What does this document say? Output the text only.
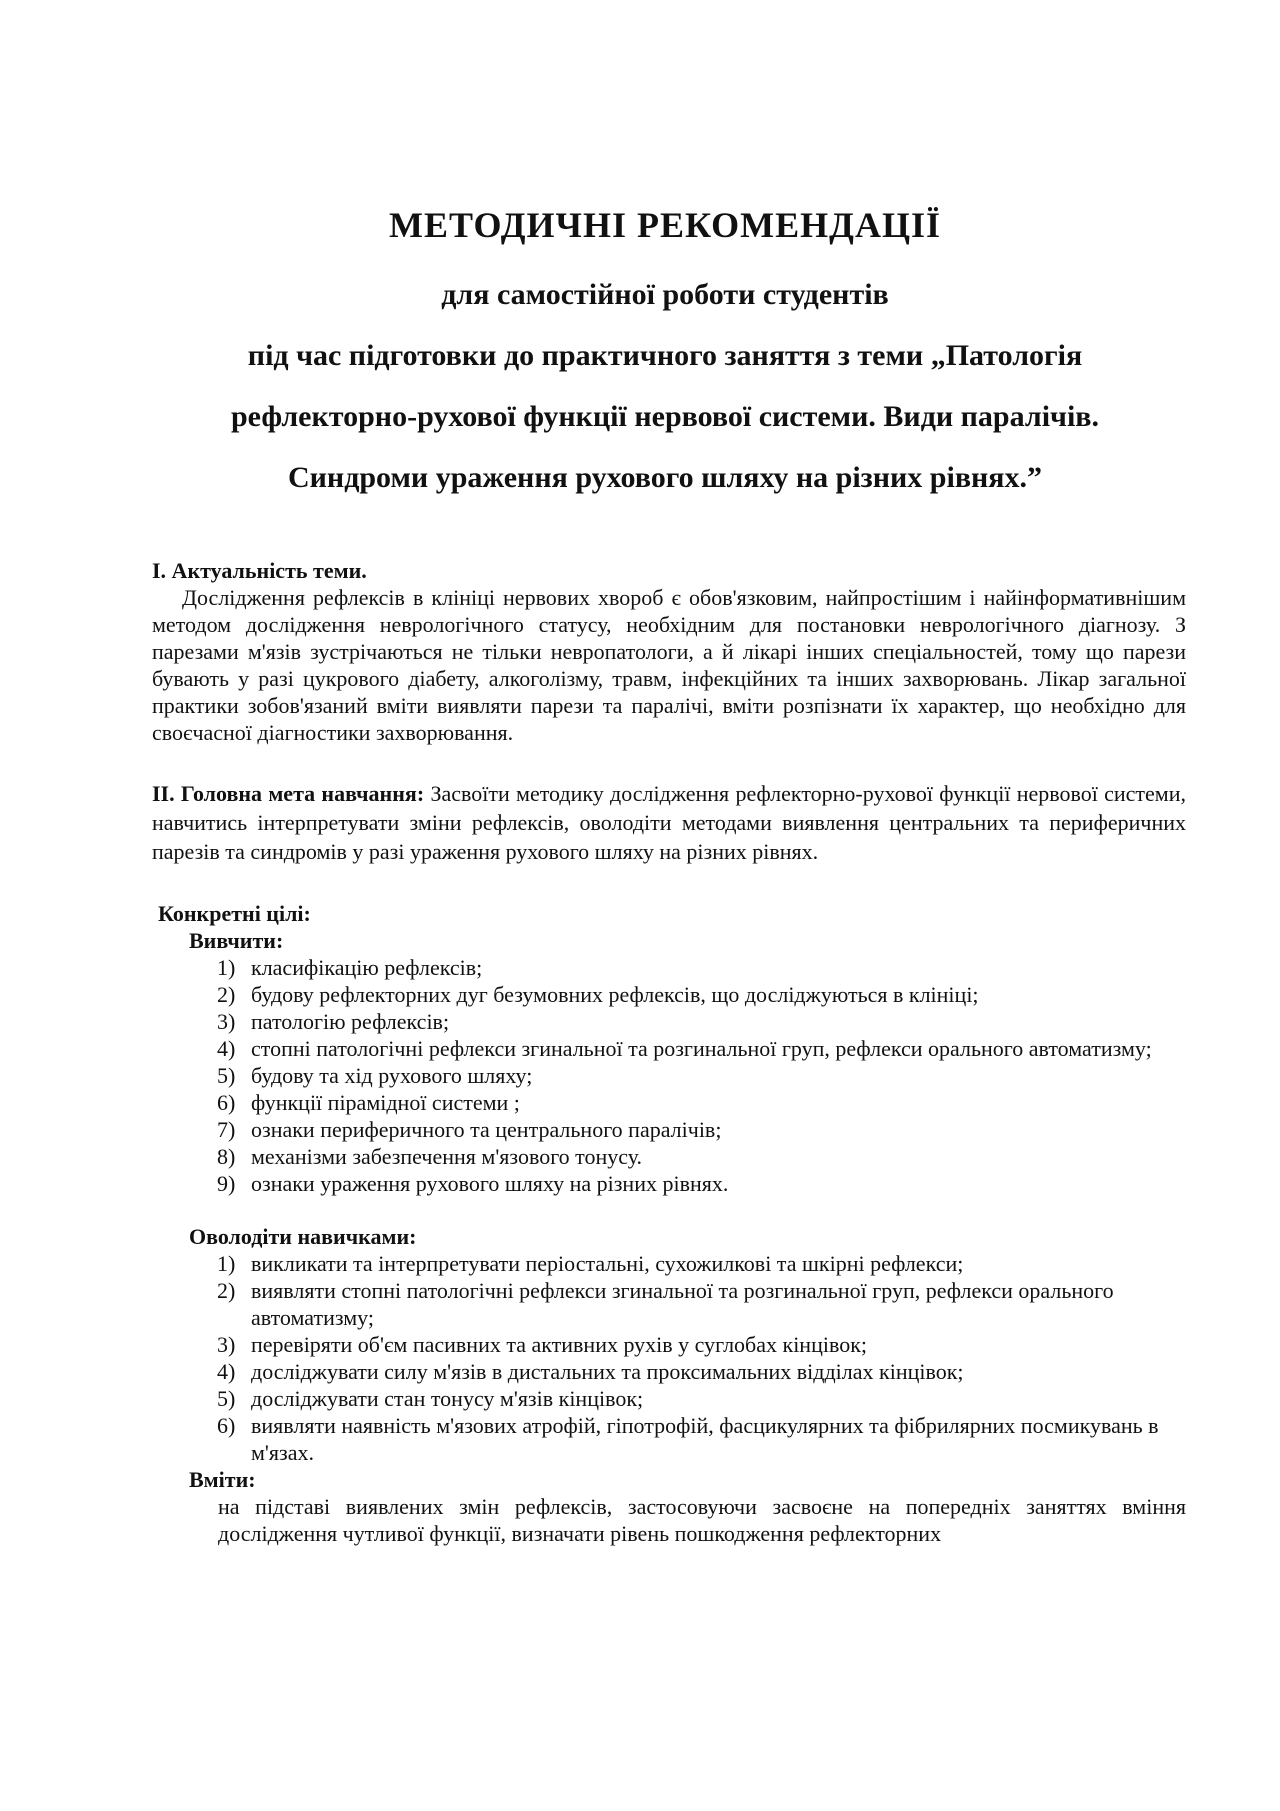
МЕТОДИЧНІ РЕКОМЕНДАЦІЇ
для самостійної роботи студентів
під час підготовки до практичного заняття з теми „Патологія
рефлекторно-рухової функції нервової системи. Види паралічів.
Синдроми ураження рухового шляху на різних рівнях.”

I. Актуальність теми.

Дослідження рефлексів в клініці нервових хвороб є обов'язковим, найпростішим і найінформативнішим методом дослідження неврологічного статусу, необхідним для постановки неврологічного діагнозу. З парезами м'язів зустрічаються не тільки невропатологи, а й лікарі інших спеціальностей, тому що парези бувають у разі цукрового діабету, алкоголізму, травм, інфекційних та інших захворювань. Лікар загальної практики зобов'язаний вміти виявляти парези та паралічі, вміти розпізнати їх характер, що необхідно для своєчасної діагностики захворювання.

II. Головна мета навчання: Засвоїти методику дослідження рефлекторно-рухової функції нервової системи, навчитись інтерпретувати зміни рефлексів, оволодіти методами виявлення центральних та периферичних парезів та синдромів у разі ураження рухового шляху на різних рівнях.

Конкретні цілі:

Вивчити:

1) класифікацію рефлексів;
2) будову рефлекторних дуг безумовних рефлексів, що досліджуються в клініці;
3) патологію рефлексів;
4) стопні патологічні рефлекси згинальної та розгинальної груп, рефлекси орального автоматизму;
5) будову та хід рухового шляху;
6) функції пірамідної системи ;
7) ознаки периферичного та центрального паралічів;
8) механізми забезпечення м'язового тонусу.
9) ознаки ураження рухового шляху на різних рівнях.

Оволодіти навичками:

1) викликати та інтерпретувати періостальні, сухожилкові та шкірні рефлекси;
2) виявляти стопні патологічні рефлекси згинальної та розгинальної груп, рефлекси орального автоматизму;
3) перевіряти об'єм пасивних та активних рухів у суглобах кінцівок;
4) досліджувати силу м'язів в дистальних та проксимальних відділах кінцівок;
5) досліджувати стан тонусу м'язів кінцівок;
6) виявляти наявність м'язових атрофій, гіпотрофій, фасцикулярних та фібрилярних посмикувань в м'язах.

Вміти:

на підставі виявлених змін рефлексів, застосовуючи засвоєне на попередніх заняттях вміння дослідження чутливої функції, визначати рівень пошкодження рефлекторних
